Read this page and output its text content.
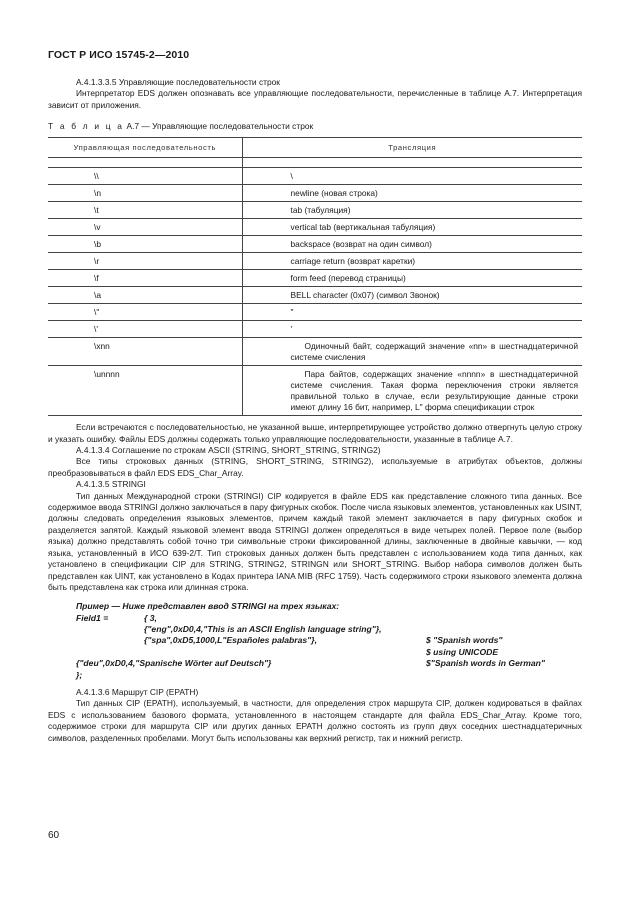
ГОСТ Р ИСО 15745-2—2010

А.4.1.3.3.5 Управляющие последовательности строк

Интерпретатор EDS должен опознавать все управляющие последовательности, перечисленные в таблице А.7. Интерпретация зависит от приложения.

Т а б л и ц а А.7 — Управляющие последовательности строк
Управляющая последовательность	Трансляция

\\	\
\n	newline (новая строка)
\t	tab (табуляция)
\v	vertical tab (вертикальная табуляция)
\b	backspace (возврат на один символ)
\r	carriage return (возврат каретки)
\f	form feed (перевод страницы)
\a	BELL character (0x07) (символ Звонок)
\"	"
\'	'
\xnn	Одиночный байт, содержащий значение «nn» в шестнадцатеричной системе счисления

\unnnn	Пара байтов, содержащих значение «nnnn» в шестнадцатеричной системе счисления. Такая форма переключения строки является правильной только в случае, если результирующие данные строки имеют длину 16 бит, например, L" форма спецификации строк

Если встречаются с последовательностью, не указанной выше, интерпретирующее устройство должно отвергнуть целую строку и указать ошибку. Файлы EDS должны содержать только управляющие последовательности, указанные в таблице А.7.

А.4.1.3.4 Соглашение по строкам ASCII (STRING, SHORT_STRING, STRING2)

Все типы строковых данных (STRING, SHORT_STRING, STRING2), используемые в атрибутах объектов, должны преобразовываться в файл EDS EDS_Char_Array.

А.4.1.3.5 STRINGI

Тип данных Международной строки (STRINGI) CIP кодируется в файле EDS как представление сложного типа данных. Все содержимое ввода STRINGI должно заключаться в пару фигурных скобок. После числа языковых элементов, установленных как USINT, должны следовать определения языковых элементов, причем каждый такой элемент заключается в пару фигурных скобок и разделяется запятой. Каждый языковой элемент ввода STRINGI должен определяться в виде четырех полей. Первое поле (выбор языка) должно представлять собой точно три символьные строки фиксированной длины, заключенные в двойные кавычки, — код языка, установленный в ИСО 639-2/T. Тип строковых данных должен быть представлен с использованием кода типа данных, как установлено в спецификации CIP для STRING, STRING2, STRINGN или SHORT_STRING. Выбор набора символов должен быть представлен как UINT, как установлено в Кодах принтера IANA MIB (RFC 1759). Часть содержимого строки языкового элемента должна быть представлена как строка или длинная строка.

Пример — Ниже представлен ввод STRINGI на трех языках:
Field1 =	{ 3,
{"eng",0xD0,4,"This is an ASCII English language string"},
{"spa",0xD5,1000,L"Españoles palabras"},	$ "Spanish words"
$ using UNICODE
{"deu",0xD0,4,"Spanische Wörter auf Deutsch"}	$"Spanish words in German"
};

А.4.1.3.6 Маршрут CIP (EPATH)

Тип данных CIP (EPATH), используемый, в частности, для определения строк маршрута CIP, должен кодироваться в файлах EDS с использованием базового формата, установленного в настоящем стандарте для файла EDS_Char_Array. Кроме того, содержимое строки для маршрута CIP или других данных EPATH должно состоять из групп двух соседних шестнадцатеричных символов, разделенных пробелами. Могут быть использованы как верхний регистр, так и нижний регистр.

60
